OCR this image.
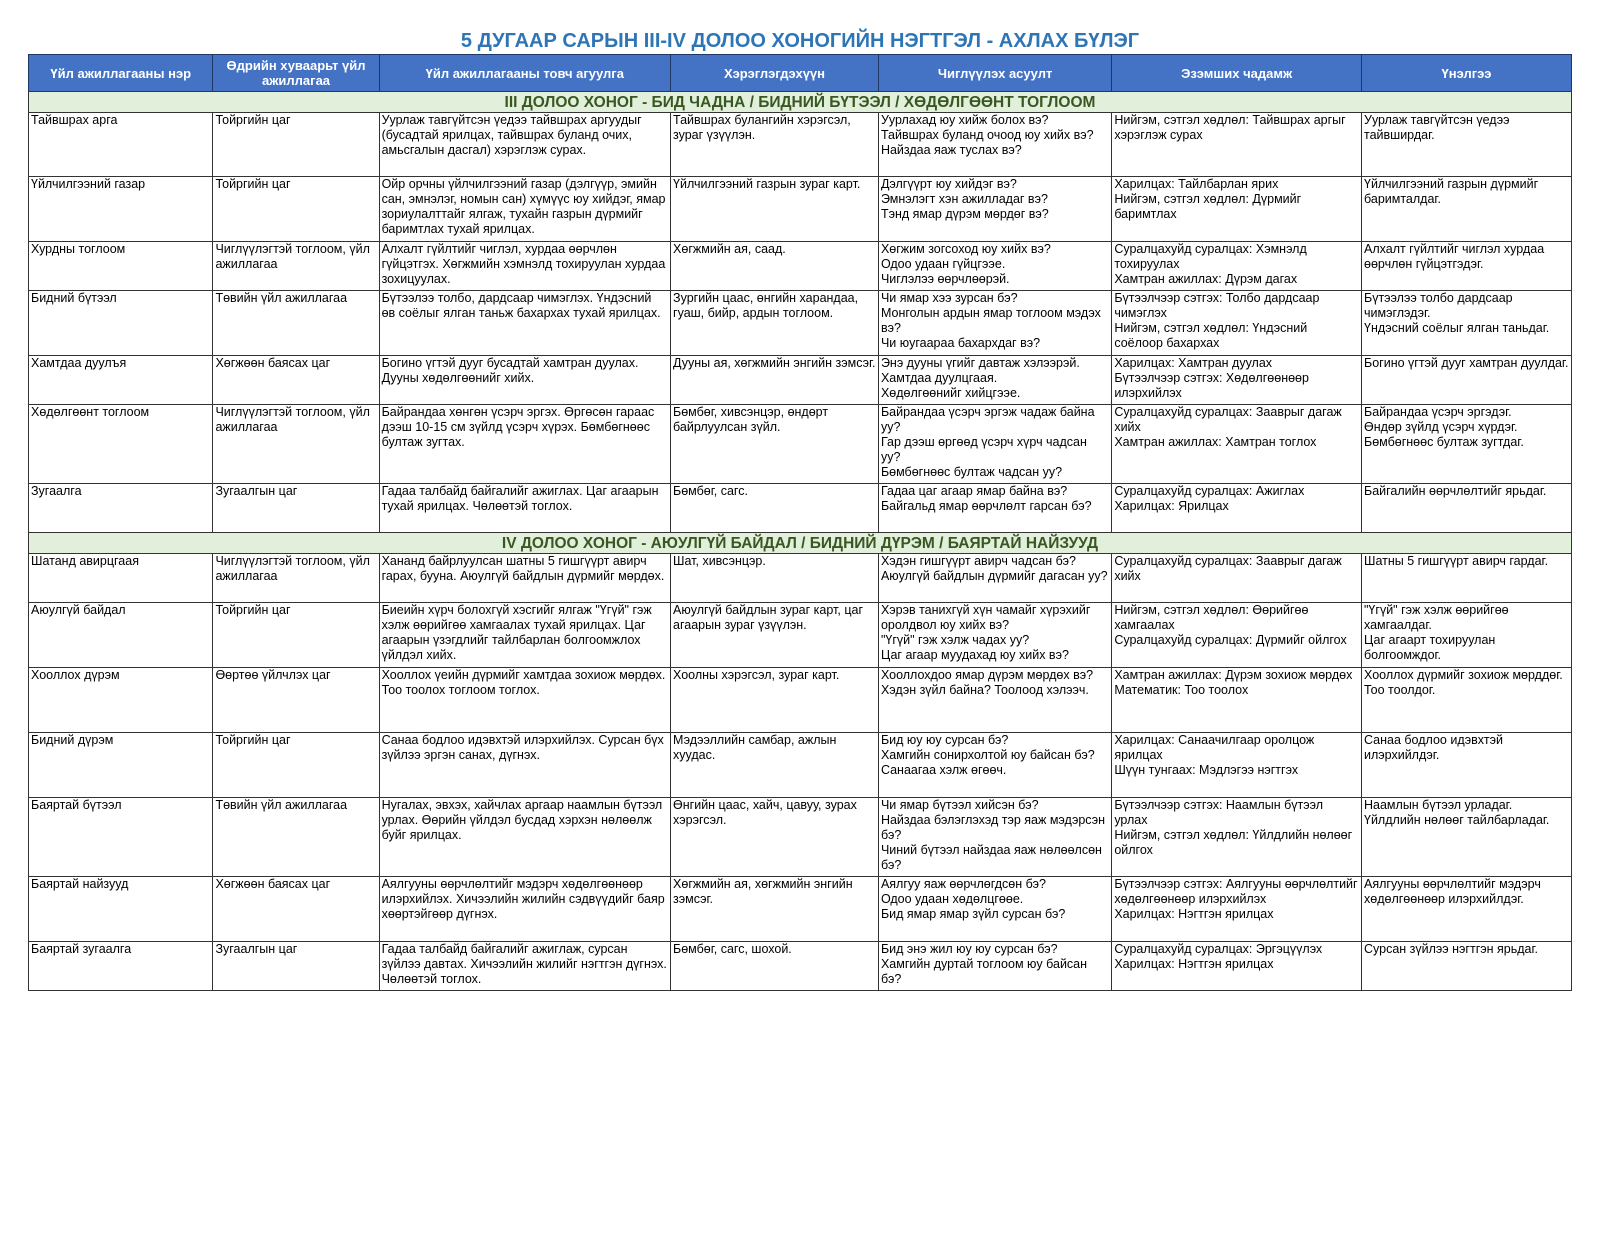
5 ДУГААР САРЫН III-IV ДОЛОО ХОНОГИЙН НЭГТГЭЛ - АХЛАХ БҮЛЭГ
Үйл ажиллагааны нэр	Өдрийн хуваарьт үйл ажиллагаа	Үйл ажиллагааны товч агуулга	Хэрэглэгдэхүүн	Чиглүүлэх асуулт	Эзэмших чадамж	Үнэлгээ
III ДОЛОО ХОНОГ - БИД ЧАДНА / БИДНИЙ БҮТЭЭЛ / ХӨДӨЛГӨӨНТ ТОГЛООМ						

Тайвшрах арга	Тойргийн цаг	Уурлаж тавгүйтсэн үедээ тайвшрах аргуудыг (бусадтай ярилцах, тайвшрах буланд очих, амьсгалын дасгал) хэрэглэж сурах.	Тайвшрах булангийн хэрэгсэл, зураг үзүүлэн.	Уурлахад юу хийж болох вэ?
Тайвшрах буланд очоод юу хийх вэ?
Найздаа яаж туслах вэ?	Нийгэм, сэтгэл хөдлөл: Тайвшрах аргыг хэрэглэж сурах	Уурлаж тавгүйтсэн үедээ тайвширдаг.

Үйлчилгээний газар	Тойргийн цаг	Ойр орчны үйлчилгээний газар (дэлгүүр, эмийн сан, эмнэлэг, номын сан) хүмүүс юу хийдэг, ямар зориулалттайг ялгаж, тухайн газрын дүрмийг баримтлах тухай ярилцах.	Үйлчилгээний газрын зураг карт.	Дэлгүүрт юу хийдэг вэ?
Эмнэлэгт хэн ажилладаг вэ?
Тэнд ямар дүрэм мөрдөг вэ?	Харилцах: Тайлбарлан ярих
Нийгэм, сэтгэл хөдлөл: Дүрмийг баримтлах	Үйлчилгээний газрын дүрмийг баримталдаг.

Хурдны тоглоом	Чиглүүлэгтэй тоглоом, үйл ажиллагаа	Алхалт гүйлтийг чиглэл, хурдаа өөрчлөн гүйцэтгэх. Хөгжмийн хэмнэлд тохируулан хурдаа зохицуулах.	Хөгжмийн ая, саад.	Хөгжим зогсоход юу хийх вэ?
Одоо удаан гүйцгээе.
Чиглэлээ өөрчлөөрэй.	Суралцахуйд суралцах: Хэмнэлд тохируулах
Хамтран ажиллах: Дүрэм дагах	Алхалт гүйлтийг чиглэл хурдаа өөрчлөн гүйцэтгэдэг.

Бидний бүтээл	Төвийн үйл ажиллагаа	Бүтээлээ толбо, дардсаар чимэглэх. Үндэсний өв соёлыг ялган таньж бахархах тухай ярилцах.	Зургийн цаас, өнгийн харандаа, гуаш, бийр, ардын тоглоом.	Чи ямар хээ зурсан бэ?
Монголын ардын ямар тоглоом мэдэх вэ?
Чи юугаараа бахархдаг вэ?	Бүтээлчээр сэтгэх: Толбо дардсаар чимэглэх
Нийгэм, сэтгэл хөдлөл: Үндэсний соёлоор бахархах	Бүтээлээ толбо дардсаар чимэглэдэг.
Үндэсний соёлыг ялган таньдаг.

Хамтдаа дуулъя	Хөгжөөн баясах цаг	Богино үгтэй дууг бусадтай хамтран дуулах. Дууны хөдөлгөөнийг хийх.	Дууны ая, хөгжмийн энгийн зэмсэг.	Энэ дууны үгийг давтаж хэлээрэй.
Хамтдаа дуулцгаая.
Хөдөлгөөнийг хийцгээе.	Харилцах: Хамтран дуулах
Бүтээлчээр сэтгэх: Хөдөлгөөнөөр илэрхийлэх	Богино үгтэй дууг хамтран дуулдаг.

Хөдөлгөөнт тоглоом	Чиглүүлэгтэй тоглоом, үйл ажиллагаа	Байрандаа хөнгөн үсэрч эргэх. Өргөсөн гараас дээш 10-15 см зүйлд үсэрч хүрэх. Бөмбөгнөөс бултаж зугтах.	Бөмбөг, хивсэнцэр, өндөрт байрлуулсан зүйл.	Байрандаа үсэрч эргэж чадаж байна уу?
Гар дээш өргөөд үсэрч хүрч чадсан уу?
Бөмбөгнөөс бултаж чадсан уу?	Суралцахуйд суралцах: Зааврыг дагаж хийх
Хамтран ажиллах: Хамтран тоглох	Байрандаа үсэрч эргэдэг.
Өндөр зүйлд үсэрч хүрдэг.
Бөмбөгнөөс бултаж зугтдаг.

Зугаалга	Зугаалгын цаг	Гадаа талбайд байгалийг ажиглах. Цаг агаарын тухай ярилцах. Чөлөөтэй тоглох.	Бөмбөг, сагс.	Гадаа цаг агаар ямар байна вэ?
Байгальд ямар өөрчлөлт гарсан бэ?	Суралцахуйд суралцах: Ажиглах
Харилцах: Ярилцах	Байгалийн өөрчлөлтийг ярьдаг.

IV ДОЛОО ХОНОГ - АЮУЛГҮЙ БАЙДАЛ / БИДНИЙ ДҮРЭМ / БАЯРТАЙ НАЙЗУУД						

Шатанд авирцгаая	Чиглүүлэгтэй тоглоом, үйл ажиллагаа	Хананд байрлуулсан шатны 5 гишгүүрт авирч гарах, бууна. Аюулгүй байдлын дүрмийг мөрдөх.	Шат, хивсэнцэр.	Хэдэн гишгүүрт авирч чадсан бэ?
Аюулгүй байдлын дүрмийг дагасан уу?	Суралцахуйд суралцах: Зааврыг дагаж хийх	Шатны 5 гишгүүрт авирч гардаг.

Аюулгүй байдал	Тойргийн цаг	Биеийн хүрч болохгүй хэсгийг ялгаж "Үгүй" гэж хэлж өөрийгөө хамгаалах тухай ярилцах. Цаг агаарын үзэгдлийг тайлбарлан болгоомжлох үйлдэл хийх.	Аюулгүй байдлын зураг карт, цаг агаарын зураг үзүүлэн.	Хэрэв танихгүй хүн чамайг хүрэхийг оролдвол юу хийх вэ?
"Үгүй" гэж хэлж чадах уу?
Цаг агаар муудахад юу хийх вэ?	Нийгэм, сэтгэл хөдлөл: Өөрийгөө хамгаалах
Суралцахуйд суралцах: Дүрмийг ойлгох	"Үгүй" гэж хэлж өөрийгөө хамгаалдаг.
Цаг агаарт тохируулан болгоомждог.

Хооллох дүрэм	Өөртөө үйлчлэх цаг	Хооллох үеийн дүрмийг хамтдаа зохиож мөрдөх. Тоо тоолох тоглоом тоглох.	Хоолны хэрэгсэл, зураг карт.	Хооллохдоо ямар дүрэм мөрдөх вэ?
Хэдэн зүйл байна? Тоолоод хэлээч.	Хамтран ажиллах: Дүрэм зохиож мөрдөх
Математик: Тоо тоолох	Хооллох дүрмийг зохиож мөрддөг.
Тоо тоолдог.

Бидний дүрэм	Тойргийн цаг	Санаа бодлоо идэвхтэй илэрхийлэх. Сурсан бүх зүйлээ эргэн санах, дүгнэх.	Мэдээллийн самбар, ажлын хуудас.	Бид юу юу сурсан бэ?
Хамгийн сонирхолтой юу байсан бэ?
Санаагаа хэлж өгөөч.	Харилцах: Санаачилгаар оролцож ярилцах
Шүүн тунгаах: Мэдлэгээ нэгтгэх	Санаа бодлоо идэвхтэй илэрхийлдэг.

Баяртай бүтээл	Төвийн үйл ажиллагаа	Нугалах, эвхэх, хайчлах аргаар наамлын бүтээл урлах. Өөрийн үйлдэл бусдад хэрхэн нөлөөлж буйг ярилцах.	Өнгийн цаас, хайч, цавуу, зурах хэрэгсэл.	Чи ямар бүтээл хийсэн бэ?
Найздаа бэлэглэхэд тэр яаж мэдэрсэн бэ?
Чиний бүтээл найздаа яаж нөлөөлсөн бэ?	Бүтээлчээр сэтгэх: Наамлын бүтээл урлах
Нийгэм, сэтгэл хөдлөл: Үйлдлийн нөлөөг ойлгох	Наамлын бүтээл урладаг.
Үйлдлийн нөлөөг тайлбарладаг.

Баяртай найзууд	Хөгжөөн баясах цаг	Аялгууны өөрчлөлтийг мэдэрч хөдөлгөөнөөр илэрхийлэх. Хичээлийн жилийн сэдвүүдийг баяр хөөртэйгөөр дүгнэх.	Хөгжмийн ая, хөгжмийн энгийн зэмсэг.	Аялгуу яаж өөрчлөгдсөн бэ?
Одоо удаан хөдөлцгөөе.
Бид ямар ямар зүйл сурсан бэ?	Бүтээлчээр сэтгэх: Аялгууны өөрчлөлтийг хөдөлгөөнөөр илэрхийлэх
Харилцах: Нэгтгэн ярилцах	Аялгууны өөрчлөлтийг мэдэрч хөдөлгөөнөөр илэрхийлдэг.

Баяртай зугаалга	Зугаалгын цаг	Гадаа талбайд байгалийг ажиглаж, сурсан зүйлээ давтах. Хичээлийн жилийг нэгтгэн дүгнэх. Чөлөөтэй тоглох.	Бөмбөг, сагс, шохой.	Бид энэ жил юу юу сурсан бэ?
Хамгийн дуртай тоглоом юу байсан бэ?	Суралцахуйд суралцах: Эргэцүүлэх
Харилцах: Нэгтгэн ярилцах	Сурсан зүйлээ нэгтгэн ярьдаг.
